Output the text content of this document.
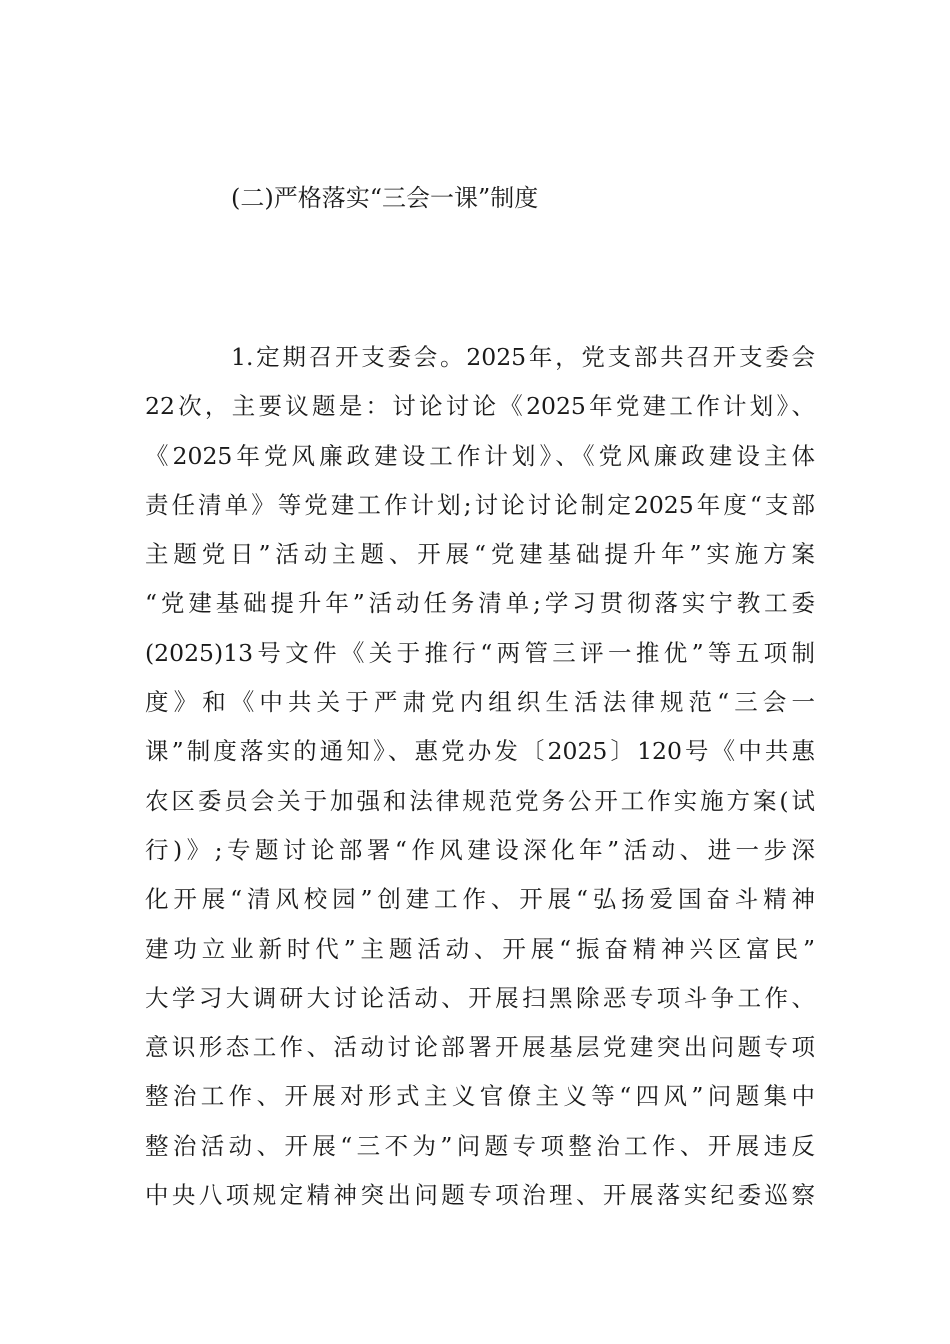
(二)严格落实“三会一课”制度
1.定期召开支委会。2025年，党支部共召开支委会
22次，主要议题是：讨论讨论《2025年党建工作计划》、
《2025年党风廉政建设工作计划》、《党风廉政建设主体
责任清单》等党建工作计划;讨论讨论制定2025年度“支部
主题党日”活动主题、开展“党建基础提升年”实施方案
“党建基础提升年”活动任务清单;学习贯彻落实宁教工委
(2025)13号文件《关于推行“两管三评一推优”等五项制
度》和《中共关于严肃党内组织生活法律规范“三会一
课”制度落实的通知》、惠党办发〔2025〕120号《中共惠
农区委员会关于加强和法律规范党务公开工作实施方案(试
行)》;专题讨论部署“作风建设深化年”活动、进一步深
化开展“清风校园”创建工作、开展“弘扬爱国奋斗精神
建功立业新时代”主题活动、开展“振奋精神兴区富民”
大学习大调研大讨论活动、开展扫黑除恶专项斗争工作、
意识形态工作、活动讨论部署开展基层党建突出问题专项
整治工作、开展对形式主义官僚主义等“四风”问题集中
整治活动、开展“三不为”问题专项整治工作、开展违反
中央八项规定精神突出问题专项治理、开展落实纪委巡察
